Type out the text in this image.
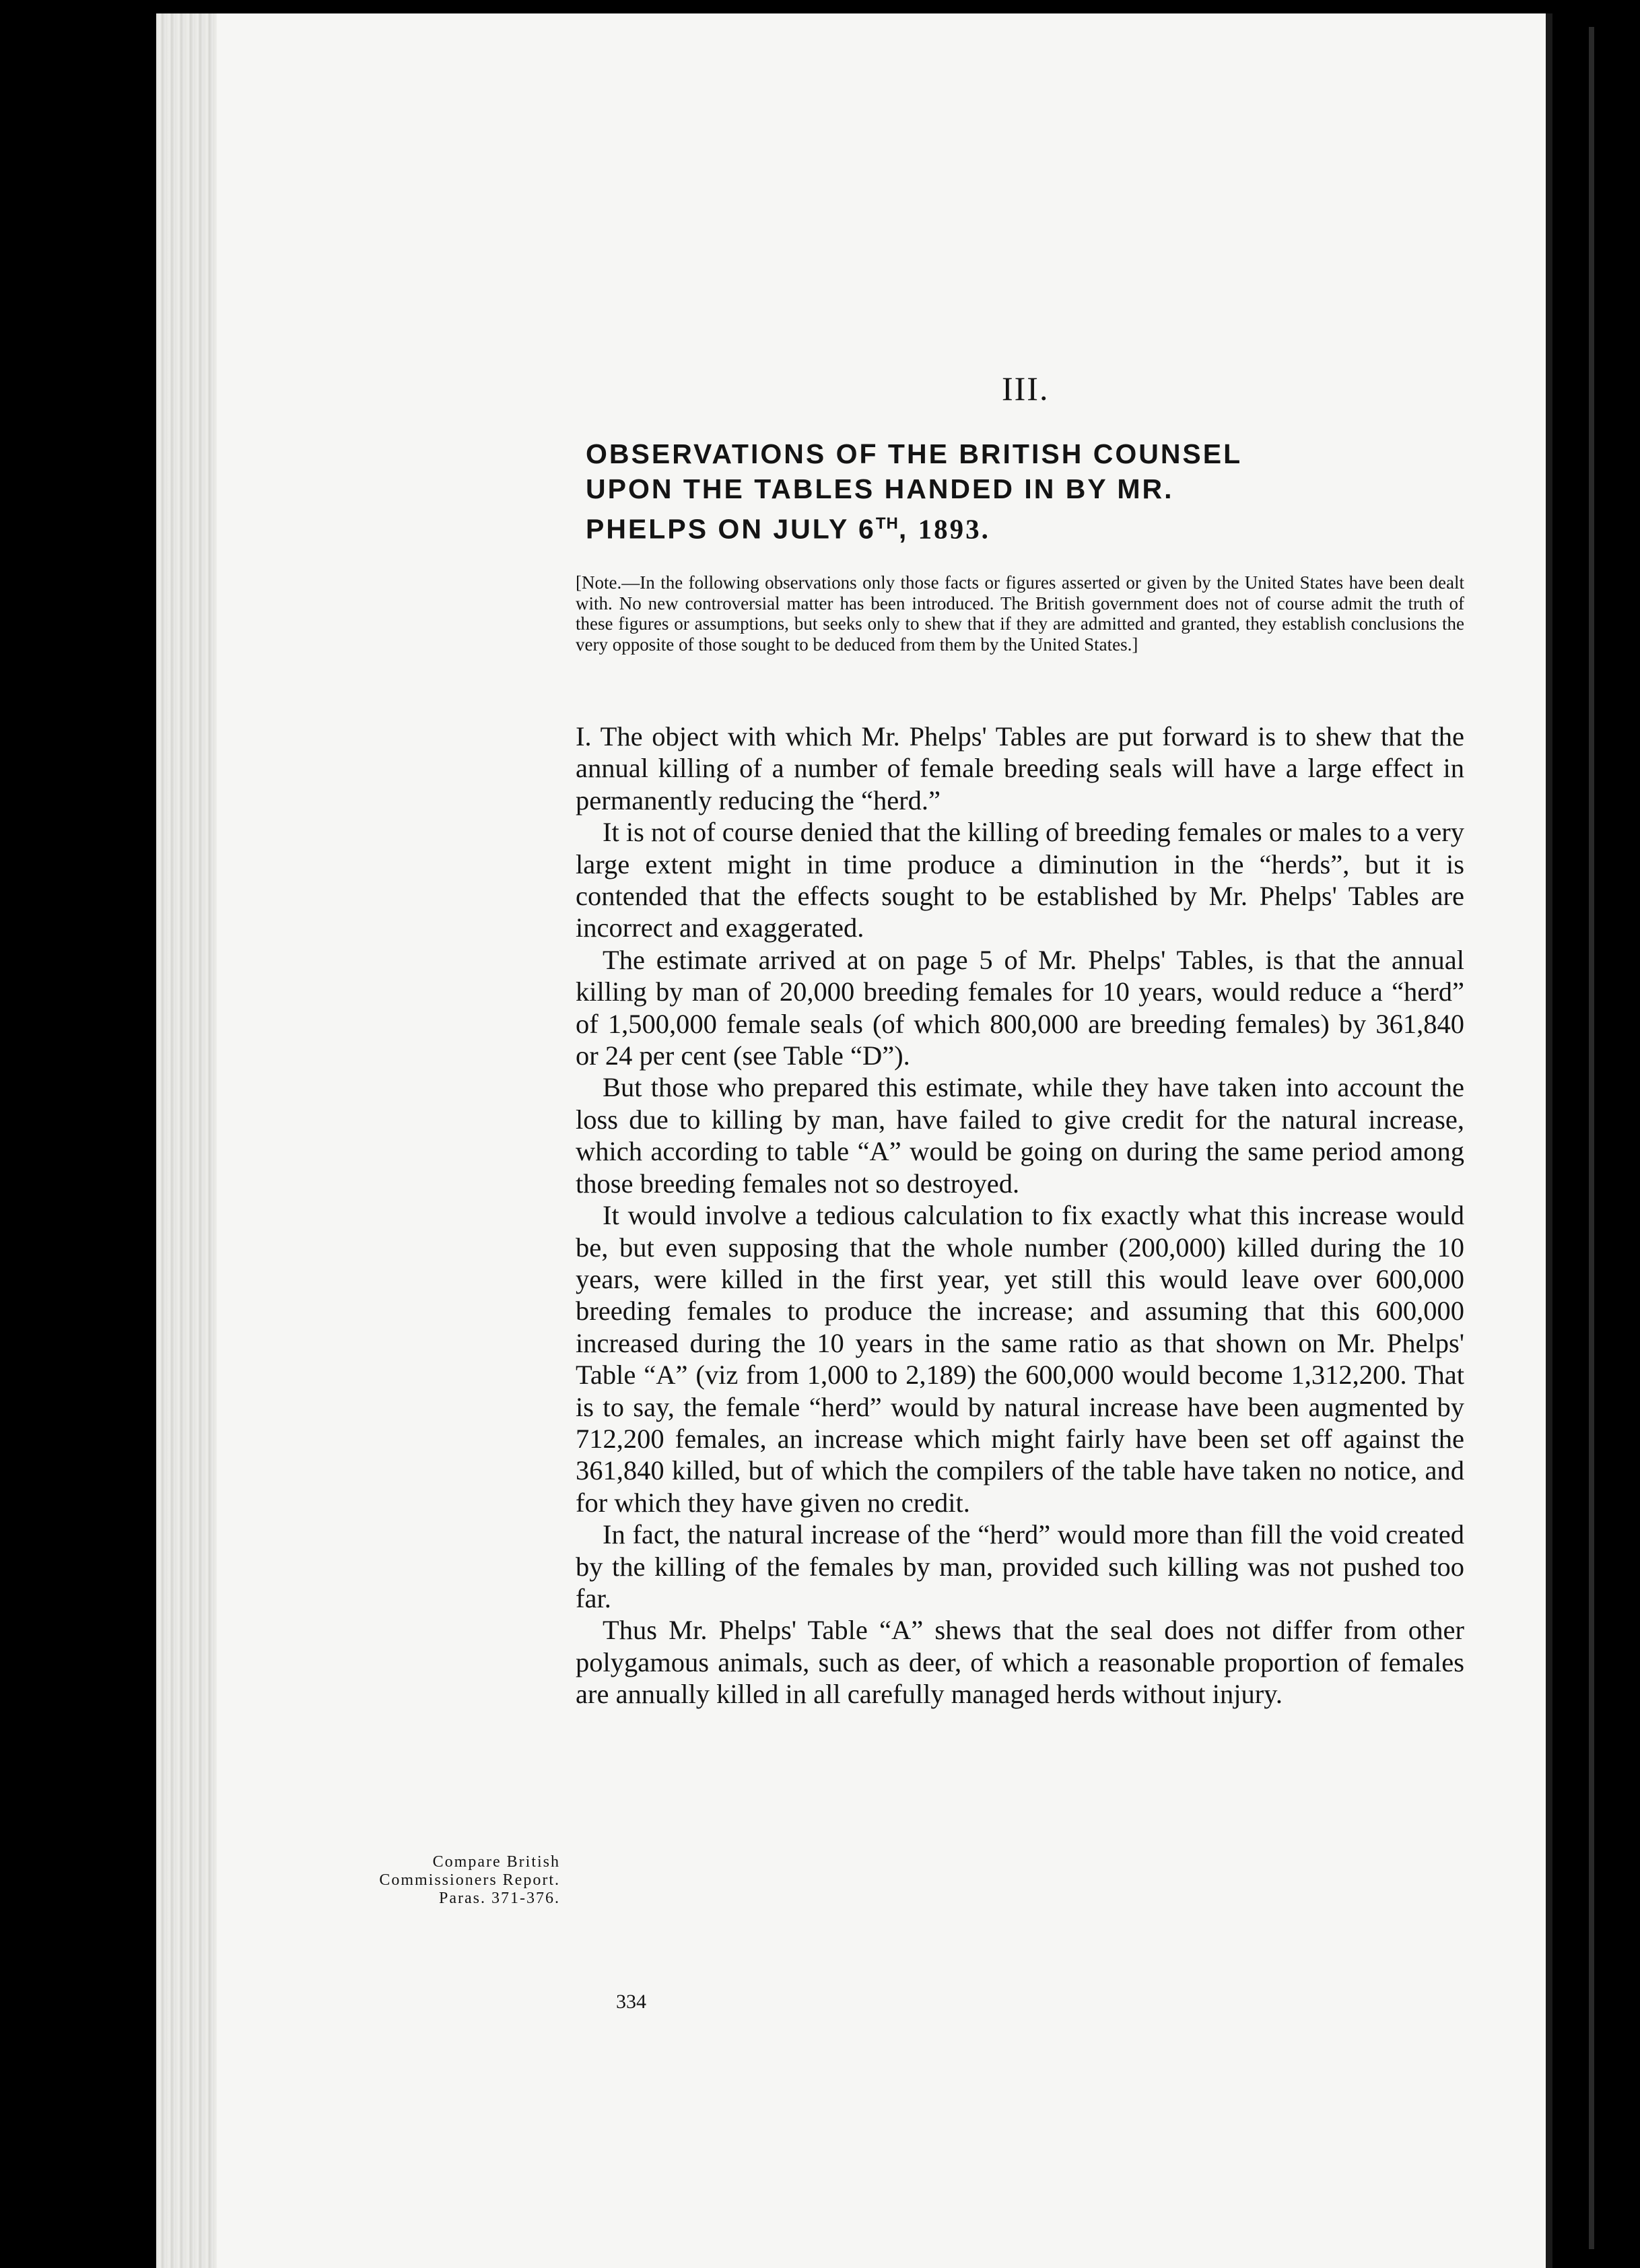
III.
OBSERVATIONS OF THE BRITISH COUNSEL
UPON THE TABLES HANDED IN BY MR.
PHELPS ON JULY 6TH, 1893.

[Note.—In the following observations only those facts or figures asserted or given by the United States have been dealt with. No new controversial matter has been introduced. The British government does not of course admit the truth of these figures or assumptions, but seeks only to shew that if they are admitted and granted, they establish conclusions the very opposite of those sought to be deduced from them by the United States.]

I. The object with which Mr. Phelps' Tables are put forward is to shew that the annual killing of a number of female breeding seals will have a large effect in permanently reducing the “herd.”

It is not of course denied that the killing of breeding females or males to a very large extent might in time produce a diminution in the “herds”, but it is contended that the effects sought to be established by Mr. Phelps' Tables are incorrect and exaggerated.

The estimate arrived at on page 5 of Mr. Phelps' Tables, is that the annual killing by man of 20,000 breeding females for 10 years, would reduce a “herd” of 1,500,000 female seals (of which 800,000 are breeding females) by 361,840 or 24 per cent (see Table “D”).

But those who prepared this estimate, while they have taken into account the loss due to killing by man, have failed to give credit for the natural increase, which according to table “A” would be going on during the same period among those breeding females not so destroyed.

It would involve a tedious calculation to fix exactly what this increase would be, but even supposing that the whole number (200,000) killed during the 10 years, were killed in the first year, yet still this would leave over 600,000 breeding females to produce the increase; and assuming that this 600,000 increased during the 10 years in the same ratio as that shown on Mr. Phelps' Table “A” (viz from 1,000 to 2,189) the 600,000 would become 1,312,200. That is to say, the female “herd” would by natural increase have been augmented by 712,200 females, an increase which might fairly have been set off against the 361,840 killed, but of which the compilers of the table have taken no notice, and for which they have given no credit.

In fact, the natural increase of the “herd” would more than fill the void created by the killing of the females by man, provided such killing was not pushed too far.

Thus Mr. Phelps' Table “A” shews that the seal does not differ from other polygamous animals, such as deer, of which a reasonable proportion of females are annually killed in all carefully managed herds without injury.

Compare British Commissioners Report. Paras. 371-376.

334
